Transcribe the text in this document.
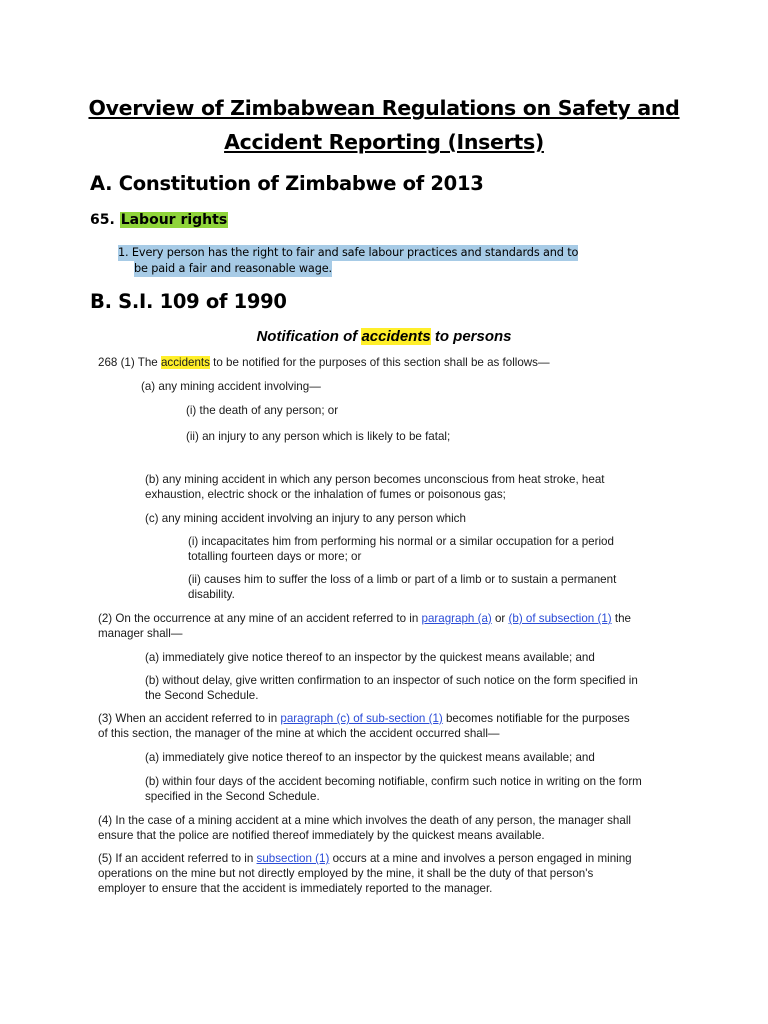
Overview of Zimbabwean Regulations on Safety and
Accident Reporting (Inserts)
A. Constitution of Zimbabwe of 2013
65. Labour rights
1. Every person has the right to fair and safe labour practices and standards and to
be paid a fair and reasonable wage.
B. S.I. 109 of 1990
Notification of accidents to persons
268 (1) The accidents to be notified for the purposes of this section shall be as follows—
(a) any mining accident involving—
(i) the death of any person; or
(ii) an injury to any person which is likely to be fatal;
(b) any mining accident in which any person becomes unconscious from heat stroke, heat
exhaustion, electric shock or the inhalation of fumes or poisonous gas;
(c) any mining accident involving an injury to any person which
(i) incapacitates him from performing his normal or a similar occupation for a period
totalling fourteen days or more; or
(ii) causes him to suffer the loss of a limb or part of a limb or to sustain a permanent
disability.
(2) On the occurrence at any mine of an accident referred to in paragraph (a) or (b) of subsection (1) the
manager shall—
(a) immediately give notice thereof to an inspector by the quickest means available; and
(b) without delay, give written confirmation to an inspector of such notice on the form specified in
the Second Schedule.
(3) When an accident referred to in paragraph (c) of sub-section (1) becomes notifiable for the purposes
of this section, the manager of the mine at which the accident occurred shall—
(a) immediately give notice thereof to an inspector by the quickest means available; and
(b) within four days of the accident becoming notifiable, confirm such notice in writing on the form
specified in the Second Schedule.
(4) In the case of a mining accident at a mine which involves the death of any person, the manager shall
ensure that the police are notified thereof immediately by the quickest means available.
(5) If an accident referred to in subsection (1) occurs at a mine and involves a person engaged in mining
operations on the mine but not directly employed by the mine, it shall be the duty of that person's
employer to ensure that the accident is immediately reported to the manager.
